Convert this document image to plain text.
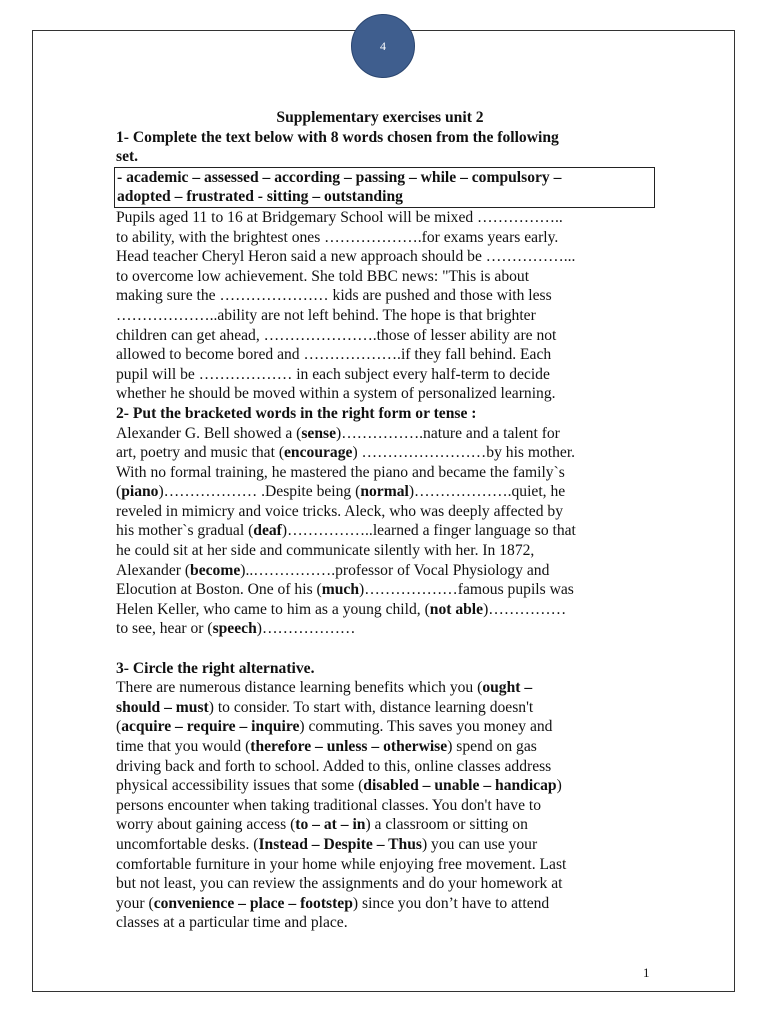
4
Supplementary exercises unit 2
1- Complete the text below with 8 words chosen from the following
set.
- academic – assessed – according – passing – while – compulsory –
adopted – frustrated - sitting – outstanding
Pupils aged 11 to 16 at Bridgemary School will be mixed ……………..
to ability, with the brightest ones ……………….for exams years early.
Head teacher Cheryl Heron said a new approach should be ……………...
to overcome low achievement. She told BBC news: "This is about
making sure the ………………… kids are pushed and those with less
………………..ability are not left behind. The hope is that brighter
children can get ahead, ………………….those of lesser ability are not
allowed to become bored and ……………….if they fall behind. Each
pupil will be ……………… in each subject every half-term to decide
whether he should be moved within a system of personalized learning.
2- Put the bracketed words in the right form or tense :
Alexander G. Bell showed a (sense)…………….nature and a talent for
art, poetry and music that (encourage) ……………………by his mother.
With no formal training, he mastered the piano and became the family`s
(piano)……………… .Despite being (normal)……………….quiet, he
reveled in mimicry and voice tricks. Aleck, who was deeply affected by
his mother`s gradual (deaf)……………..learned a finger language so that
he could sit at her side and communicate silently with her. In 1872,
Alexander (become)..…………….professor of Vocal Physiology and
Elocution at Boston. One of his (much)………………famous pupils was
Helen Keller, who came to him as a young child, (not able)……………
to see, hear or (speech)………………
3- Circle the right alternative.
There are numerous distance learning benefits which you (ought –
should – must) to consider. To start with, distance learning doesn't
(acquire – require – inquire) commuting. This saves you money and
time that you would (therefore – unless – otherwise) spend on gas
driving back and forth to school. Added to this, online classes address
physical accessibility issues that some (disabled – unable – handicap)
persons encounter when taking traditional classes. You don't have to
worry about gaining access (to – at – in) a classroom or sitting on
uncomfortable desks. (Instead – Despite – Thus) you can use your
comfortable furniture in your home while enjoying free movement. Last
but not least, you can review the assignments and do your homework at
your (convenience – place – footstep) since you don’t have to attend
classes at a particular time and place.
1
